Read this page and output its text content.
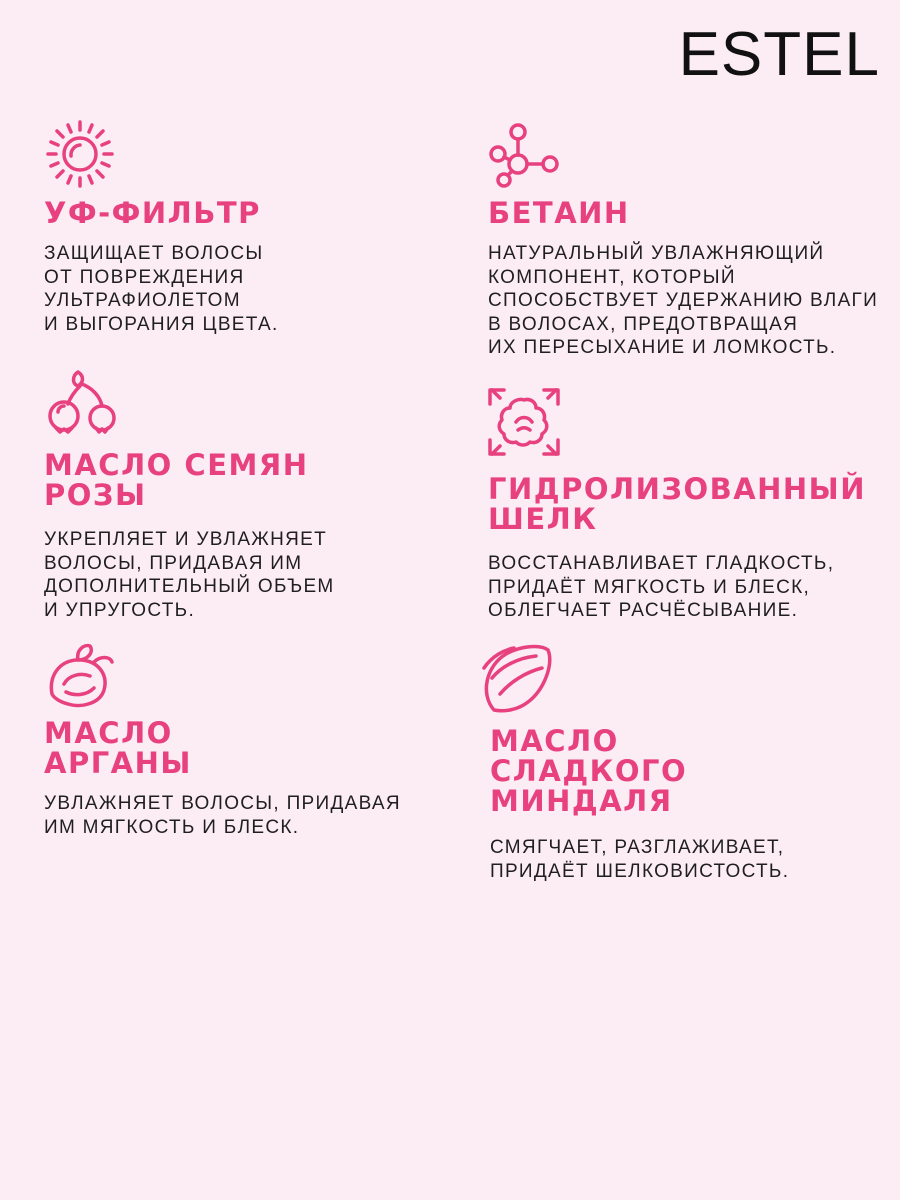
ESTEL
УФ-ФИЛЬТР

ЗАЩИЩАЕТ ВОЛОСЫ
ОТ ПОВРЕЖДЕНИЯ
УЛЬТРАФИОЛЕТОМ
И ВЫГОРАНИЯ ЦВЕТА.

БЕТАИН

НАТУРАЛЬНЫЙ УВЛАЖНЯЮЩИЙ
КОМПОНЕНТ, КОТОРЫЙ
СПОСОБСТВУЕТ УДЕРЖАНИЮ ВЛАГИ
В ВОЛОСАХ, ПРЕДОТВРАЩАЯ
ИХ ПЕРЕСЫХАНИЕ И ЛОМКОСТЬ.

МАСЛО СЕМЯН
РОЗЫ

УКРЕПЛЯЕТ И УВЛАЖНЯЕТ
ВОЛОСЫ, ПРИДАВАЯ ИМ
ДОПОЛНИТЕЛЬНЫЙ ОБЪЕМ
И УПРУГОСТЬ.

ГИДРОЛИЗОВАННЫЙ
ШЕЛК

ВОССТАНАВЛИВАЕТ ГЛАДКОСТЬ,
ПРИДАЁТ МЯГКОСТЬ И БЛЕСК,
ОБЛЕГЧАЕТ РАСЧЁСЫВАНИЕ.

МАСЛО
АРГАНЫ

УВЛАЖНЯЕТ ВОЛОСЫ, ПРИДАВАЯ
ИМ МЯГКОСТЬ И БЛЕСК.

МАСЛО
СЛАДКОГО
МИНДАЛЯ

СМЯГЧАЕТ, РАЗГЛАЖИВАЕТ,
ПРИДАЁТ ШЕЛКОВИСТОСТЬ.
